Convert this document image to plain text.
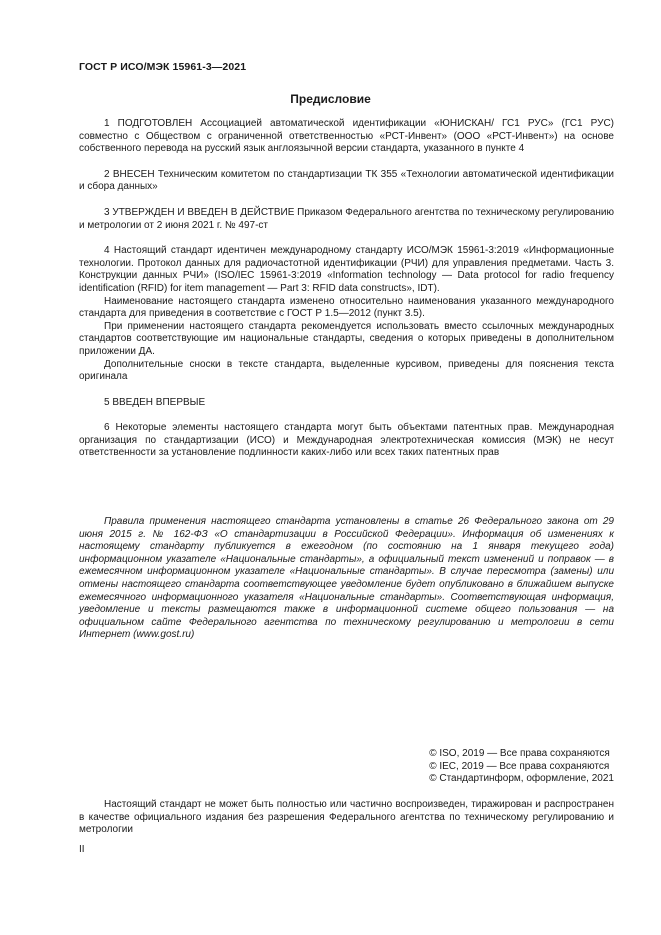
ГОСТ Р ИСО/МЭК 15961-3—2021
Предисловие

1 ПОДГОТОВЛЕН Ассоциацией автоматической идентификации «ЮНИСКАН/ ГС1 РУС» (ГС1 РУС) совместно с Обществом с ограниченной ответственностью «РСТ-Инвент» (ООО «РСТ-Инвент») на основе собственного перевода на русский язык англоязычной версии стандарта, указанного в пункте 4

2 ВНЕСЕН Техническим комитетом по стандартизации ТК 355 «Технологии автоматической идентификации и сбора данных»

3 УТВЕРЖДЕН И ВВЕДЕН В ДЕЙСТВИЕ Приказом Федерального агентства по техническому регулированию и метрологии от 2 июня 2021 г. № 497-ст

4 Настоящий стандарт идентичен международному стандарту ИСО/МЭК 15961-3:2019 «Информационные технологии. Протокол данных для радиочастотной идентификации (РЧИ) для управления предметами. Часть 3. Конструкции данных РЧИ» (ISO/IEC 15961-3:2019 «Information technology — Data protocol for radio frequency identification (RFID) for item management — Part 3: RFID data constructs», IDT).

Наименование настоящего стандарта изменено относительно наименования указанного международного стандарта для приведения в соответствие с ГОСТ Р 1.5—2012 (пункт 3.5).

При применении настоящего стандарта рекомендуется использовать вместо ссылочных международных стандартов соответствующие им национальные стандарты, сведения о которых приведены в дополнительном приложении ДА.

Дополнительные сноски в тексте стандарта, выделенные курсивом, приведены для пояснения текста оригинала

5 ВВЕДЕН ВПЕРВЫЕ

6 Некоторые элементы настоящего стандарта могут быть объектами патентных прав. Международная организация по стандартизации (ИСО) и Международная электротехническая комиссия (МЭК) не несут ответственности за установление подлинности каких-либо или всех таких патентных прав

Правила применения настоящего стандарта установлены в статье 26 Федерального закона от 29 июня 2015 г. № 162-ФЗ «О стандартизации в Российской Федерации». Информация об изменениях к настоящему стандарту публикуется в ежегодном (по состоянию на 1 января текущего года) информационном указателе «Национальные стандарты», а официальный текст изменений и поправок — в ежемесячном информационном указателе «Национальные стандарты». В случае пересмотра (замены) или отмены настоящего стандарта соответствующее уведомление будет опубликовано в ближайшем выпуске ежемесячного информационного указателя «Национальные стандарты». Соответствующая информация, уведомление и тексты размещаются также в информационной системе общего пользования — на официальном сайте Федерального агентства по техническому регулированию и метрологии в сети Интернет (www.gost.ru)
© ISO, 2019 — Все права сохраняются
© IEC, 2019 — Все права сохраняются
© Стандартинформ, оформление, 2021
Настоящий стандарт не может быть полностью или частично воспроизведен, тиражирован и распространен в качестве официального издания без разрешения Федерального агентства по техническому регулированию и метрологии
II
